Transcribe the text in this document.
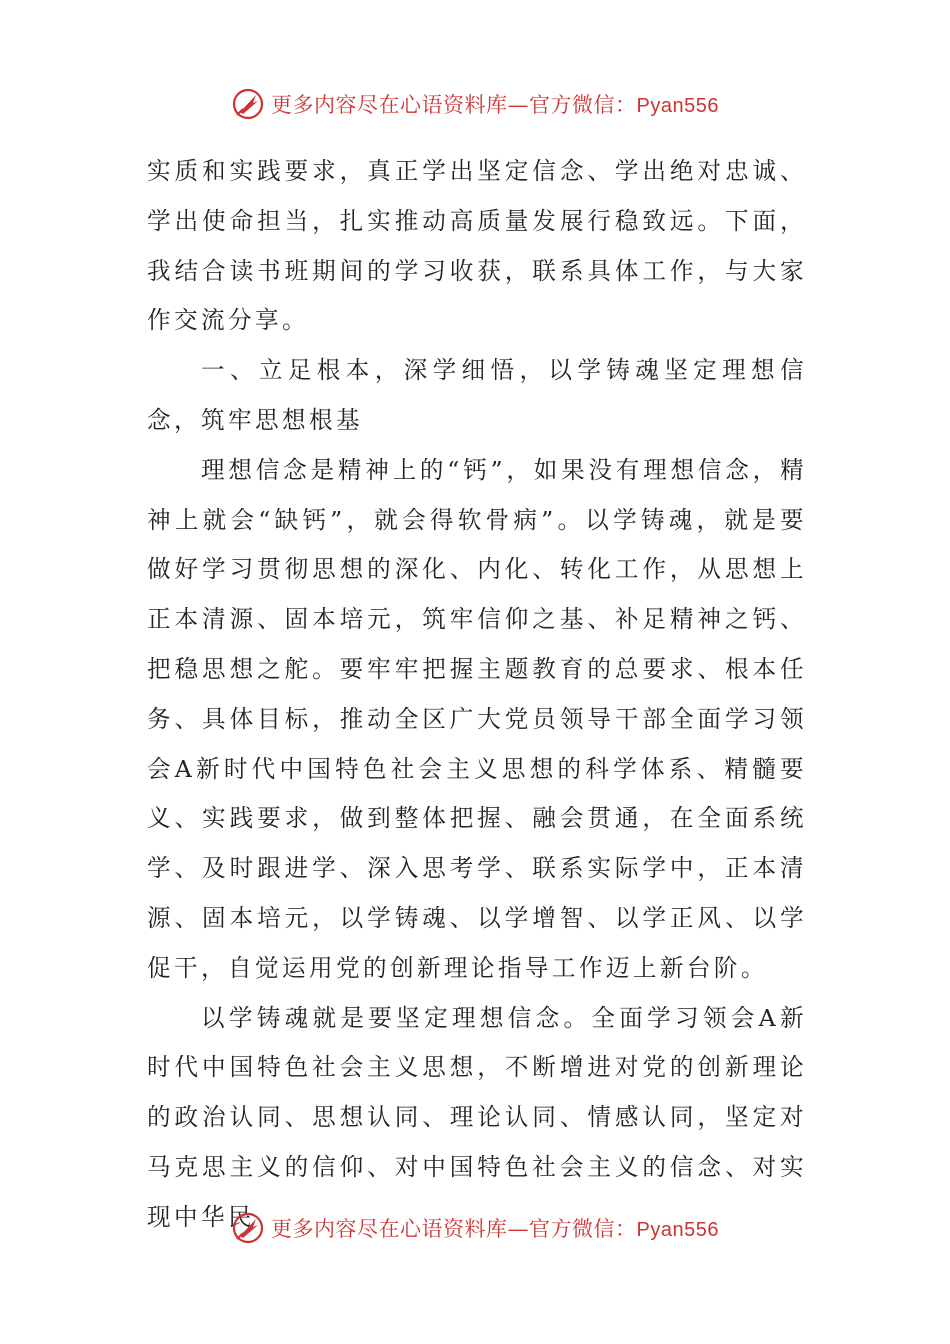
更多内容尽在心语资料库—官方微信：Pyan556

实质和实践要求，真正学出坚定信念、学出绝对忠诚、学出使命担当，扎实推动高质量发展行稳致远。下面，我结合读书班期间的学习收获，联系具体工作，与大家作交流分享。

一、立足根本，深学细悟，以学铸魂坚定理想信念，筑牢思想根基

理想信念是精神上的“钙”，如果没有理想信念，精神上就会“缺钙”，就会得软骨病”。以学铸魂，就是要做好学习贯彻思想的深化、内化、转化工作，从思想上正本清源、固本培元，筑牢信仰之基、补足精神之钙、把稳思想之舵。要牢牢把握主题教育的总要求、根本任务、具体目标，推动全区广大党员领导干部全面学习领会A新时代中国特色社会主义思想的科学体系、精髓要义、实践要求，做到整体把握、融会贯通，在全面系统学、及时跟进学、深入思考学、联系实际学中，正本清源、固本培元，以学铸魂、以学增智、以学正风、以学促干，自觉运用党的创新理论指导工作迈上新台阶。

以学铸魂就是要坚定理想信念。全面学习领会A新时代中国特色社会主义思想，不断增进对党的创新理论的政治认同、思想认同、理论认同、情感认同，坚定对马克思主义的信仰、对中国特色社会主义的信念、对实现中华民 更多内容尽在心语资料库—官方微信：Pyan556
